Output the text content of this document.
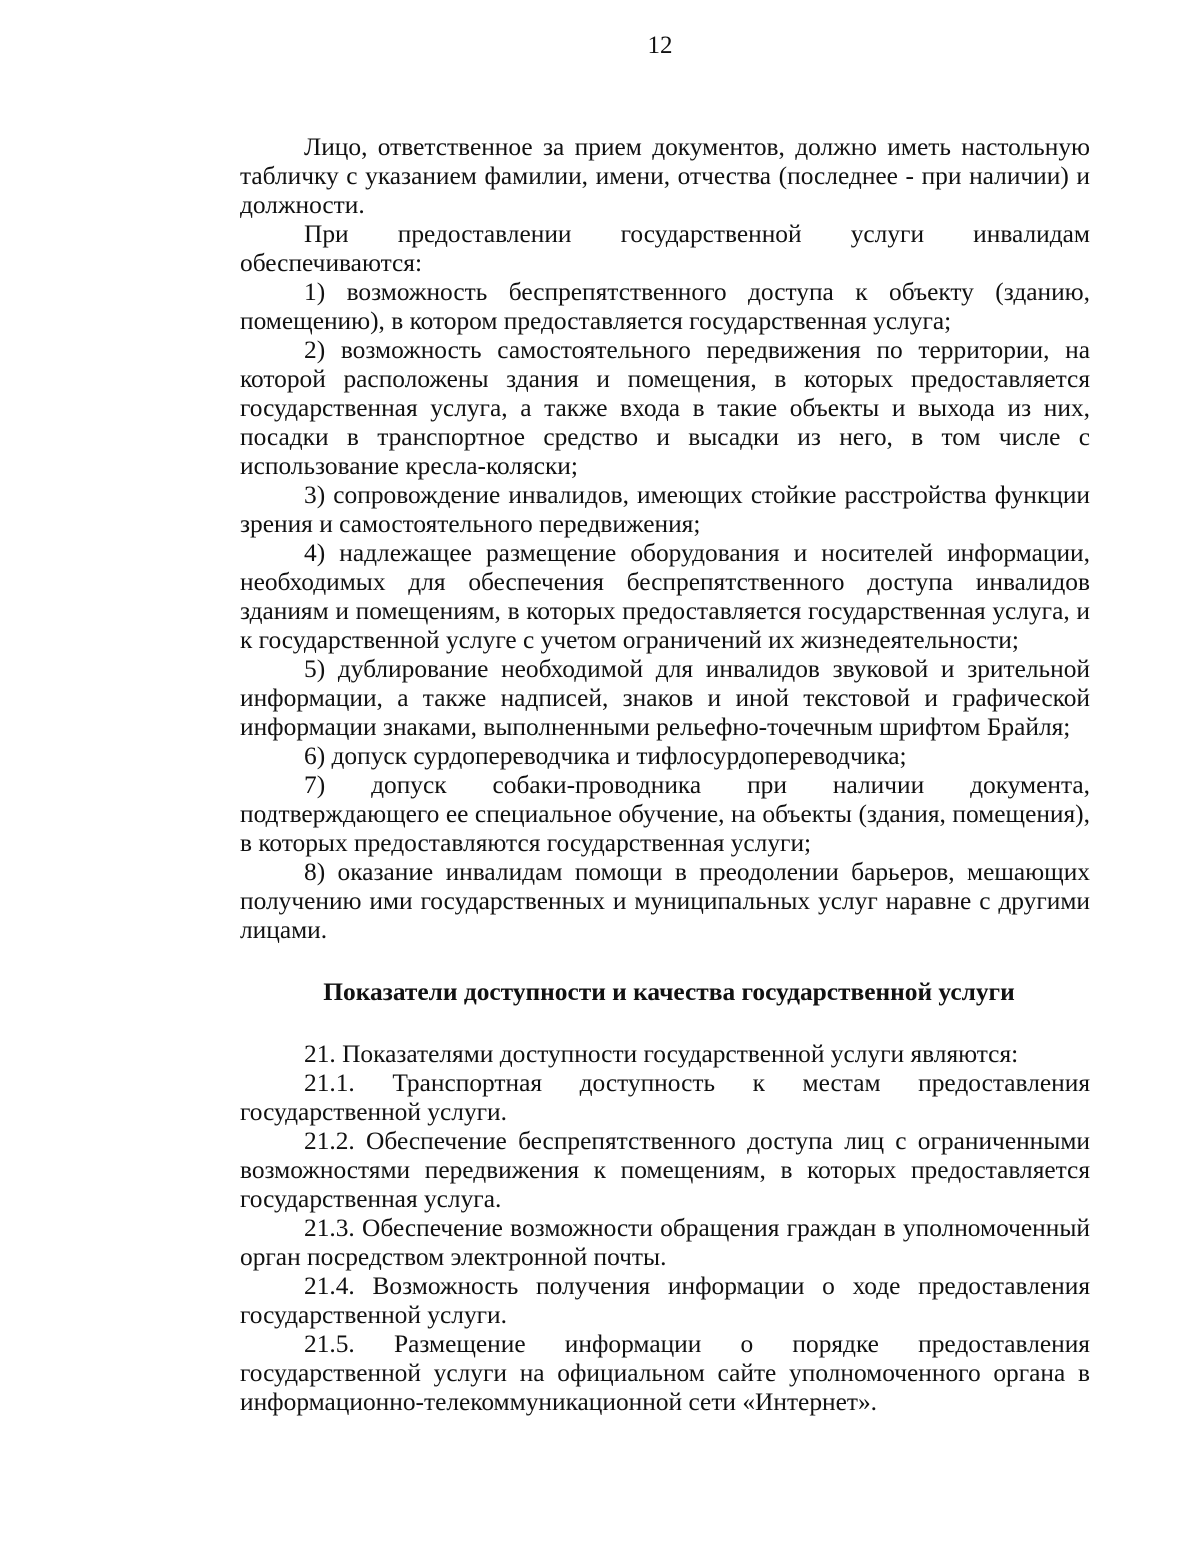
12

Лицо, ответственное за прием документов, должно иметь настольную табличку с указанием фамилии, имени, отчества (последнее - при наличии) и должности.

При предоставлении государственной услуги инвалидам обеспечиваются:

1) возможность беспрепятственного доступа к объекту (зданию, помещению), в котором предоставляется государственная услуга;

2) возможность самостоятельного передвижения по территории, на которой расположены здания и помещения, в которых предоставляется государственная услуга, а также входа в такие объекты и выхода из них, посадки в транспортное средство и высадки из него, в том числе с использование кресла-коляски;

3) сопровождение инвалидов, имеющих стойкие расстройства функции зрения и самостоятельного передвижения;

4) надлежащее размещение оборудования и носителей информации, необходимых для обеспечения беспрепятственного доступа инвалидов зданиям и помещениям, в которых предоставляется государственная услуга, и к государственной услуге с учетом ограничений их жизнедеятельности;

5) дублирование необходимой для инвалидов звуковой и зрительной информации, а также надписей, знаков и иной текстовой и графической информации знаками, выполненными рельефно-точечным шрифтом Брайля;

6) допуск сурдопереводчика и тифлосурдопереводчика;

7) допуск собаки-проводника при наличии документа, подтверждающего ее специальное обучение, на объекты (здания, помещения), в которых предоставляются государственная услуги;

8) оказание инвалидам помощи в преодолении барьеров, мешающих получению ими государственных и муниципальных услуг наравне с другими лицами.

Показатели доступности и качества государственной услуги

21. Показателями доступности государственной услуги являются:

21.1. Транспортная доступность к местам предоставления государственной услуги.

21.2. Обеспечение беспрепятственного доступа лиц с ограниченными возможностями передвижения к помещениям, в которых предоставляется государственная услуга.

21.3. Обеспечение возможности обращения граждан в уполномоченный орган посредством электронной почты.

21.4. Возможность получения информации о ходе предоставления государственной услуги.

21.5. Размещение информации о порядке предоставления государственной услуги на официальном сайте уполномоченного органа в информационно-телекоммуникационной сети «Интернет».
